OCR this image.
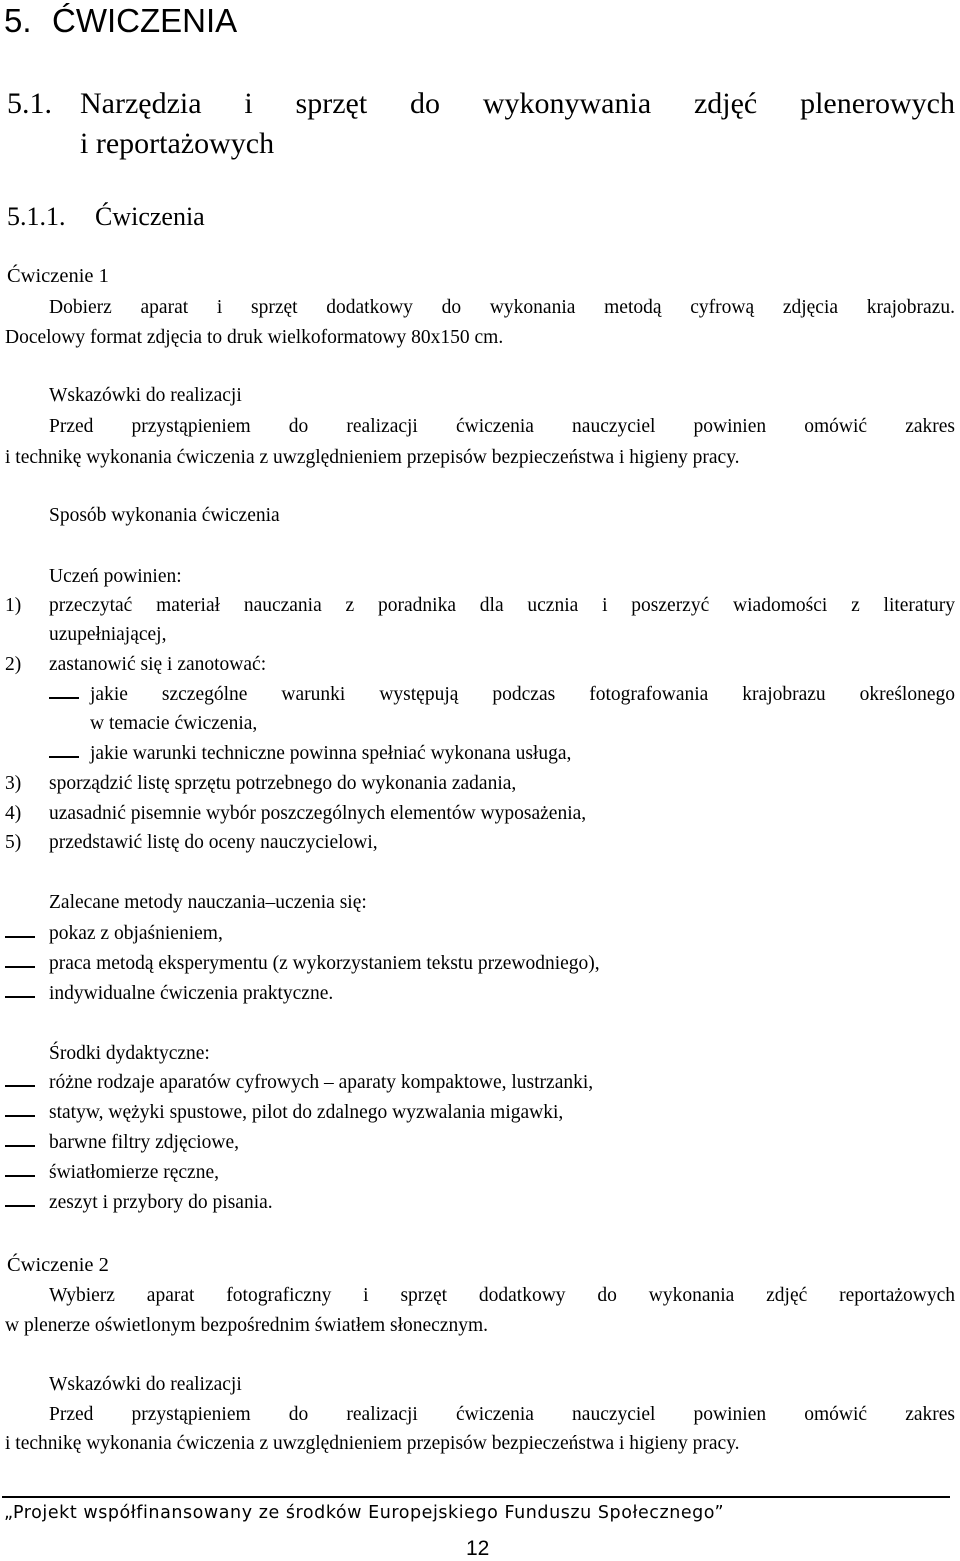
5. ĆWICZENIA
5.1. Narzędzia i sprzęt do wykonywania zdjęć plenerowych
i reportażowych
5.1.1. Ćwiczenia
Ćwiczenie 1
Dobierz aparat i sprzęt dodatkowy do wykonania metodą cyfrową zdjęcia krajobrazu.
Docelowy format zdjęcia to druk wielkoformatowy 80x150 cm.
Wskazówki do realizacji
Przed przystąpieniem do realizacji ćwiczenia nauczyciel powinien omówić zakres
i technikę wykonania ćwiczenia z uwzględnieniem przepisów bezpieczeństwa i higieny pracy.
Sposób wykonania ćwiczenia
Uczeń powinien:
1) przeczytać materiał nauczania z poradnika dla ucznia i poszerzyć wiadomości z literatury
uzupełniającej,
2) zastanowić się i zanotować:
jakie szczególne warunki występują podczas fotografowania krajobrazu określonego
w temacie ćwiczenia,
jakie warunki techniczne powinna spełniać wykonana usługa,
3) sporządzić listę sprzętu potrzebnego do wykonania zadania,
4) uzasadnić pisemnie wybór poszczególnych elementów wyposażenia,
5) przedstawić listę do oceny nauczycielowi,
Zalecane metody nauczania–uczenia się:
pokaz z objaśnieniem,
praca metodą eksperymentu (z wykorzystaniem tekstu przewodniego),
indywidualne ćwiczenia praktyczne.
Środki dydaktyczne:
różne rodzaje aparatów cyfrowych – aparaty kompaktowe, lustrzanki,
statyw, wężyki spustowe, pilot do zdalnego wyzwalania migawki,
barwne filtry zdjęciowe,
światłomierze ręczne,
zeszyt i przybory do pisania.
Ćwiczenie 2
Wybierz aparat fotograficzny i sprzęt dodatkowy do wykonania zdjęć reportażowych
w plenerze oświetlonym bezpośrednim światłem słonecznym.
Wskazówki do realizacji
Przed przystąpieniem do realizacji ćwiczenia nauczyciel powinien omówić zakres
i technikę wykonania ćwiczenia z uwzględnieniem przepisów bezpieczeństwa i higieny pracy.
„Projekt współfinansowany ze środków Europejskiego Funduszu Społecznego”
12
